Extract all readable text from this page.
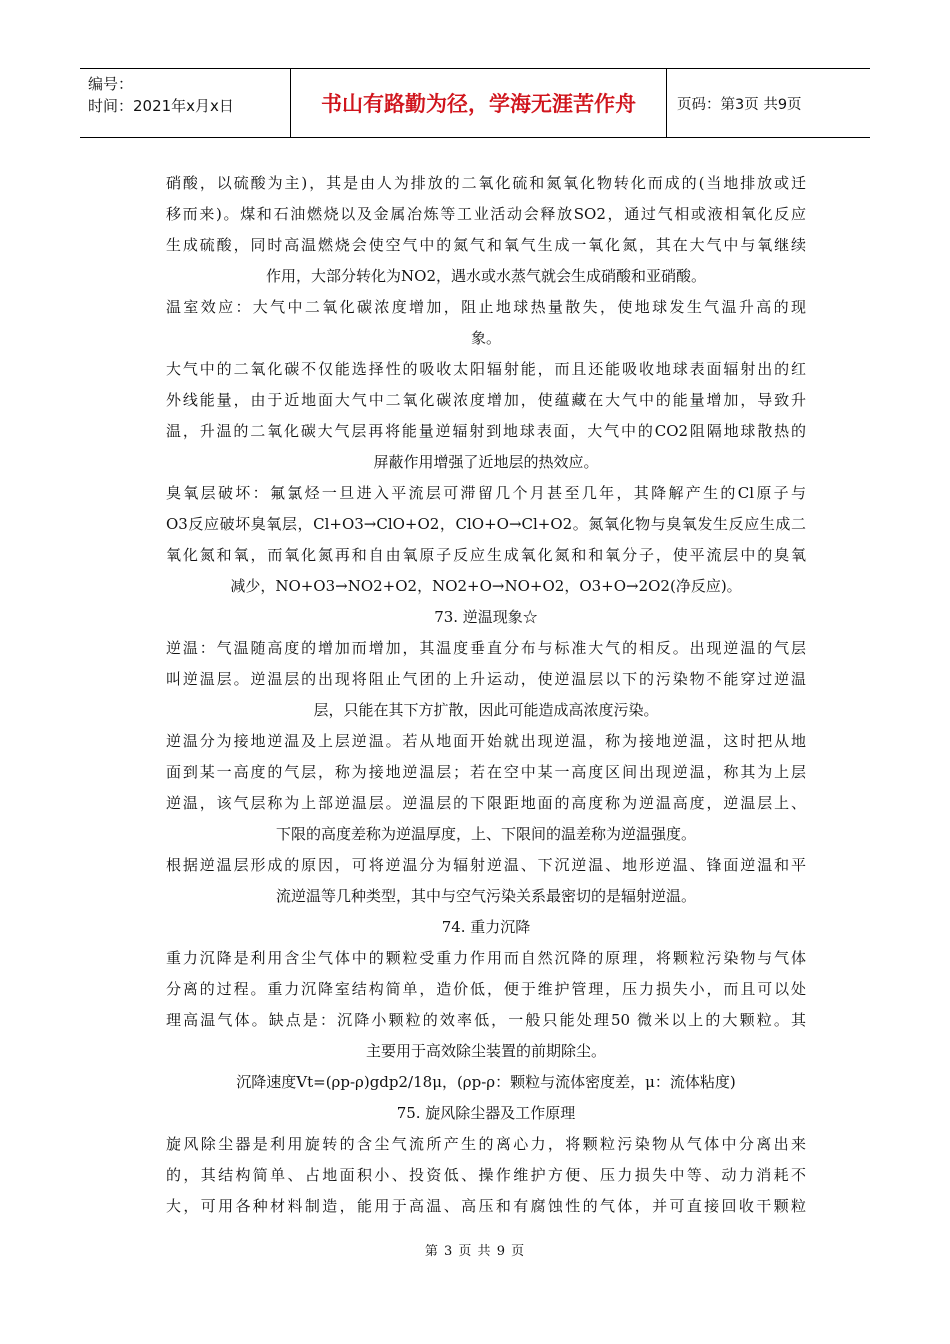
编号：
时间：2021年x月x日	书山有路勤为径，学海无涯苦作舟	页码：第3页 共9页
硝酸，以硫酸为主)，其是由人为排放的二氧化硫和氮氧化物转化而成的(当地排放或迁
移而来)。煤和石油燃烧以及金属冶炼等工业活动会释放SO2，通过气相或液相氧化反应
生成硫酸，同时高温燃烧会使空气中的氮气和氧气生成一氧化氮，其在大气中与氧继续
作用，大部分转化为NO2，遇水或水蒸气就会生成硝酸和亚硝酸。
温室效应：大气中二氧化碳浓度增加，阻止地球热量散失，使地球发生气温升高的现
象。
大气中的二氧化碳不仅能选择性的吸收太阳辐射能，而且还能吸收地球表面辐射出的红
外线能量，由于近地面大气中二氧化碳浓度增加，使蕴藏在大气中的能量增加，导致升
温，升温的二氧化碳大气层再将能量逆辐射到地球表面，大气中的CO2阻隔地球散热的
屏蔽作用增强了近地层的热效应。
臭氧层破坏：氟氯烃一旦进入平流层可滞留几个月甚至几年，其降解产生的Cl原子与
O3反应破坏臭氧层，Cl+O3→ClO+O2，ClO+O→Cl+O2。氮氧化物与臭氧发生反应生成二
氧化氮和氧，而氧化氮再和自由氧原子反应生成氧化氮和和氧分子，使平流层中的臭氧
减少，NO+O3→NO2+O2，NO2+O→NO+O2，O3+O→2O2(净反应)。
73. 逆温现象☆
逆温：气温随高度的增加而增加，其温度垂直分布与标准大气的相反。出现逆温的气层
叫逆温层。逆温层的出现将阻止气团的上升运动，使逆温层以下的污染物不能穿过逆温
层，只能在其下方扩散，因此可能造成高浓度污染。
逆温分为接地逆温及上层逆温。若从地面开始就出现逆温，称为接地逆温，这时把从地
面到某一高度的气层，称为接地逆温层；若在空中某一高度区间出现逆温，称其为上层
逆温，该气层称为上部逆温层。逆温层的下限距地面的高度称为逆温高度，逆温层上、
下限的高度差称为逆温厚度，上、下限间的温差称为逆温强度。
根据逆温层形成的原因，可将逆温分为辐射逆温、下沉逆温、地形逆温、锋面逆温和平
流逆温等几种类型，其中与空气污染关系最密切的是辐射逆温。
74. 重力沉降
重力沉降是利用含尘气体中的颗粒受重力作用而自然沉降的原理，将颗粒污染物与气体
分离的过程。重力沉降室结构简单，造价低，便于维护管理，压力损失小，而且可以处
理高温气体。缺点是：沉降小颗粒的效率低，一般只能处理50 微米以上的大颗粒。其
主要用于高效除尘装置的前期除尘。
沉降速度Vt=(ρp-ρ)gdp2/18μ，(ρp-ρ：颗粒与流体密度差，μ：流体粘度)
75. 旋风除尘器及工作原理
旋风除尘器是利用旋转的含尘气流所产生的离心力，将颗粒污染物从气体中分离出来
的，其结构简单、占地面积小、投资低、操作维护方便、压力损失中等、动力消耗不
大，可用各种材料制造，能用于高温、高压和有腐蚀性的气体，并可直接回收干颗粒
第 3 页 共 9 页
